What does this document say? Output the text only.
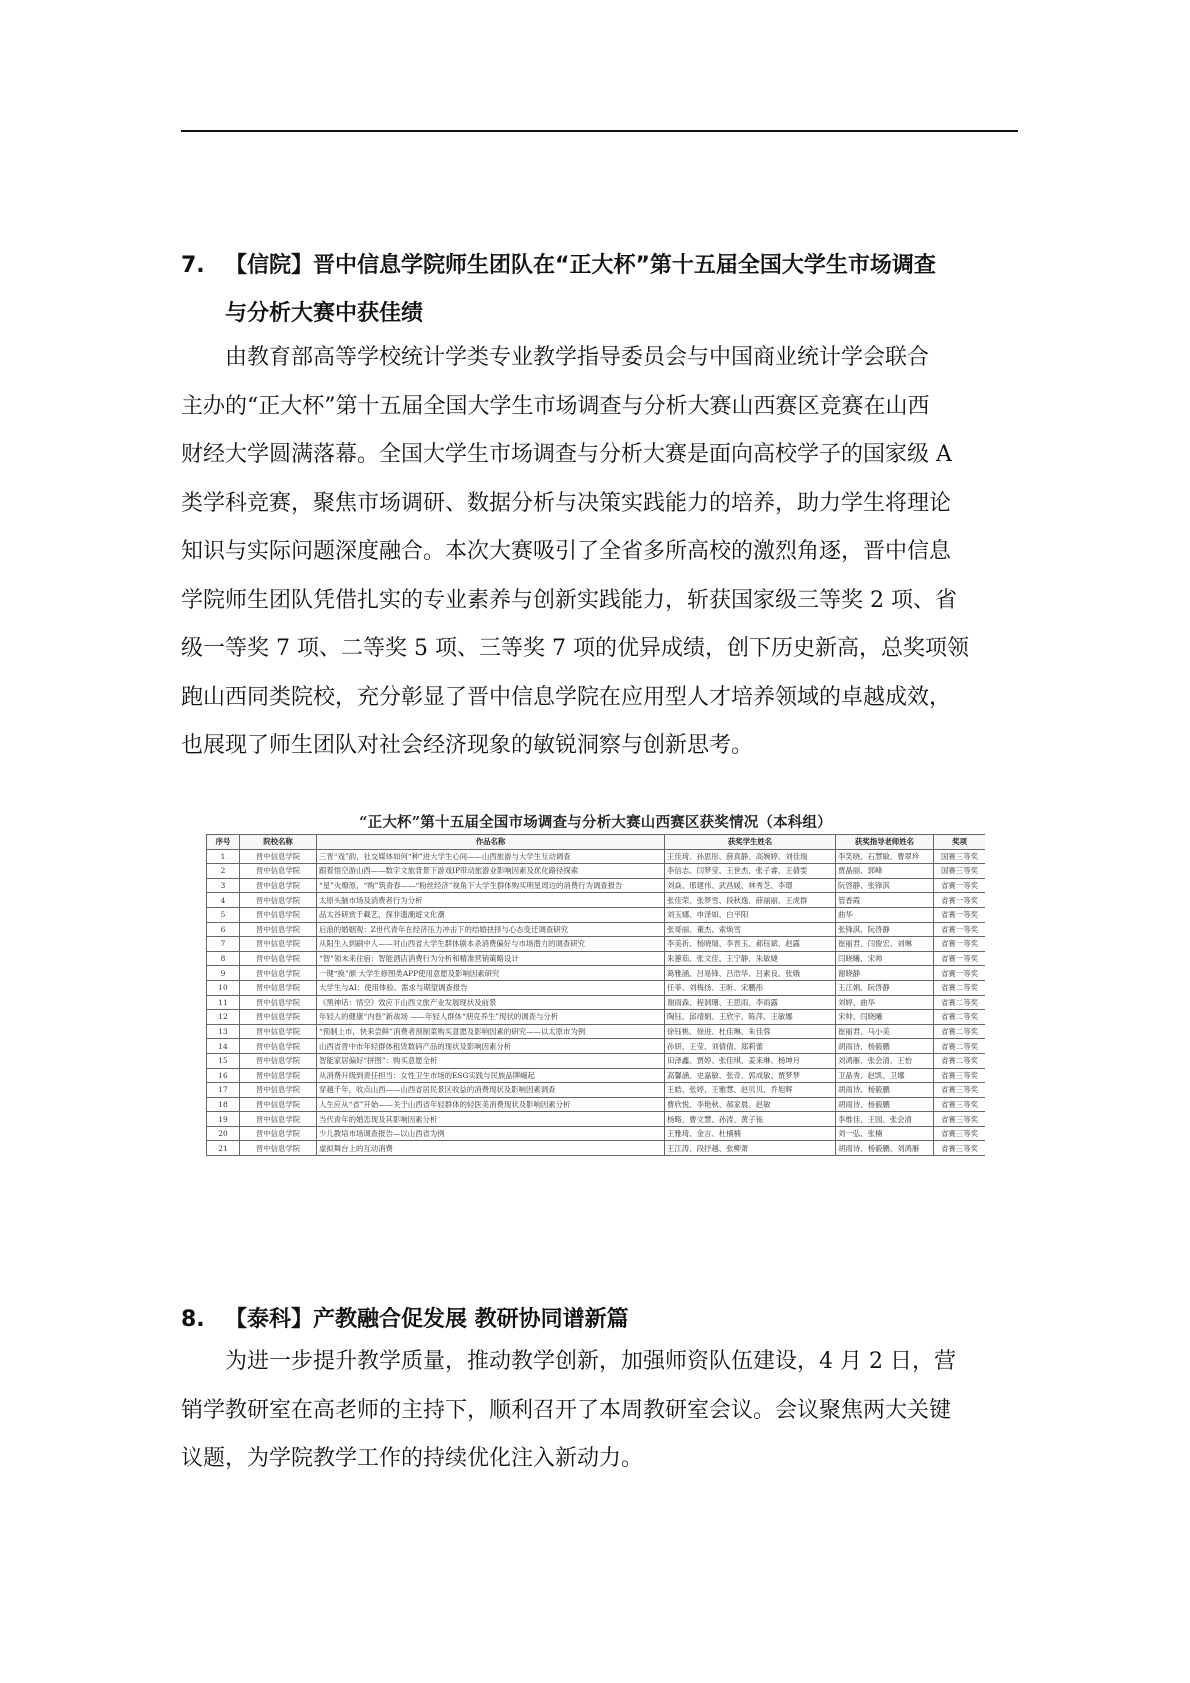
7. 【信院】晋中信息学院师生团队在“正大杯”第十五届全国大学生市场调查
与分析大赛中获佳绩
由教育部高等学校统计学类专业教学指导委员会与中国商业统计学会联合
主办的“正大杯”第十五届全国大学生市场调查与分析大赛山西赛区竞赛在山西
财经大学圆满落幕。全国大学生市场调查与分析大赛是面向高校学子的国家级 A
类学科竞赛，聚焦市场调研、数据分析与决策实践能力的培养，助力学生将理论
知识与实际问题深度融合。本次大赛吸引了全省多所高校的激烈角逐，晋中信息
学院师生团队凭借扎实的专业素养与创新实践能力，斩获国家级三等奖 2 项、省
级一等奖 7 项、二等奖 5 项、三等奖 7 项的优异成绩，创下历史新高，总奖项领
跑山西同类院校，充分彰显了晋中信息学院在应用型人才培养领域的卓越成效，
也展现了师生团队对社会经济现象的敏锐洞察与创新思考。
“正大杯”第十五届全国市场调查与分析大赛山西赛区获奖情况（本科组）
序号	院校名称	作品名称	获奖学生姓名	获奖指导老师姓名	奖项
1	晋中信息学院	三晋“戏”韵，社交媒体如何“种”进大学生心间——山西旅游与大学生互动调查	王佳琦、孙思彤、薛真静、高婉婷、刘佳瑞	李笑晓、石慧敏、曹翠珍	国赛三等奖
2	晋中信息学院	跟着悟空游山西——数字文旅背景下游戏IP带动旅游业影响因素及优化路径探索	李信志、闫梦莹、王世杰、张子睿、王倩雯	贾晶丽、郭峰	国赛三等奖
3	晋中信息学院	“星”火燎原，“购”筑青春——“粉丝经济”视角下大学生群体购买明星周边的消费行为调查报告	刘焱、邢建伟、武昌媛、林秀芝、李璟	阮啓静、张锋淇	省赛一等奖
4	晋中信息学院	太原头脑市场及消费者行为分析	张佳荣、张梦雪、段秋逸、薛丽丽、王虎群	管香霞	省赛一等奖
5	晋中信息学院	品太谷研赏千載艺，探非遗潮遊文化潮	刘玉娜、申泽如、白平阳	曲华	省赛一等奖
6	晋中信息学院	后浪的婚姻观：Z世代青年在经济压力冲击下的结婚抉择与心态变迁调查研究	张哥丽、董杰、索焕雪	张锋淇、阮啓静	省赛一等奖
7	晋中信息学院	从阳生入到刷中人——对山西省大学生群体剧本杀消费偏好与市场潜力的调查研究	李美祈、杨晓瑞、李晋玉、郝钰斌、赵露	崔丽君、闫俊宏、刘琳	省赛一等奖
8	晋中信息学院	“智”领未来住宿：智能酒店消费行为分析和精准营销策略设计	朱蕙茹、张文佳、王宁静、朱敏婕	闫晓曦、宋帅	省赛一等奖
9	晋中信息学院	一键“换”颜 大学生修图类APP使用意愿及影响因素研究	葛雅涵、吕易锋、吕浩华、吕素良、张娥	谢晓静	省赛一等奖
10	晋中信息学院	大学生与AI：使用体验、需求与期望调查报告	任菲、刘梅扬、王昕、宋鹏彤	王江娟、阮啓静	省赛二等奖
11	晋中信息学院	《黑神话：悟空》效应下山西文旅产业发展现状及前景	谢雨森、程洞珊、王思雨、李雨露	刘婷、曲华	省赛二等奖
12	晋中信息学院	年轻人的健康“内卷”新战场 ——年轻人群体“朋克养生”现状的调查与分析	陶钰、邱靖娟、王欣宇、陈萍、王敏娜	宋帅、闫晓曦	省赛二等奖
13	晋中信息学院	“预制上市，快来尝鲜”消费者预制菜购买意愿及影响因素的研究——以太原市为例	徐钰桃、徐进、杜佳琳、朱佳蓉	崔丽君、马小美	省赛二等奖
14	晋中信息学院	山西省晋中市年轻群体租赁数码产品的现状及影响因素分析	孙妍、王莹、刘倩倩、郑莉蕾	胡雨诗、杨毅鹏	省赛二等奖
15	晋中信息学院	智能家居偏好“拼图”：购买意愿全析	田泽鑫、贾婷、张佳琪、姜来琳、杨坤月	刘鸿雁、张会清、王怡	省赛二等奖
16	晋中信息学院	从消费升级到责任担当：女性卫生市场的ESG实践与民族品牌崛起	高馨涵、史嘉敏、张奇、郭成敏、贾梦梦	卫晶秀、赵凯、卫娜	省赛三等奖
17	晋中信息学院	穿越千年，收点山西——山西省居民景区收益的消费现状及影响因素调查	王皓、张婷、王雅慧、赵贝贝、乔旭辉	胡雨诗、杨毅鹏	省赛三等奖
18	晋中信息学院	人生应从“省”开始——关于山西省年轻群体的轻医美消费现状及影响因素分析	曹欣悦、李艳秋、郝家晨、赵敏	胡雨诗、杨毅鹏	省赛三等奖
19	晋中信息学院	当代青年的婚恋现及其影响因素分析	杨略、曹文慧、孙涛、黄子铄	李维佳、王园、张会清	省赛三等奖
20	晋中信息学院	少儿教培市场调查报告—以山西省为例	王雅琦、金言、杜楠楠	刘一弘、张楠	省赛三等奖
21	晋中信息学院	虚拟舞台上的互动消费	王江涛、段抒越、张柳萧	胡雨诗、杨毅鹏、刘鸿雁	省赛三等奖
8. 【泰科】产教融合促发展 教研协同谱新篇
为进一步提升教学质量，推动教学创新，加强师资队伍建设，4 月 2 日，营
销学教研室在高老师的主持下，顺利召开了本周教研室会议。会议聚焦两大关键
议题，为学院教学工作的持续优化注入新动力。
